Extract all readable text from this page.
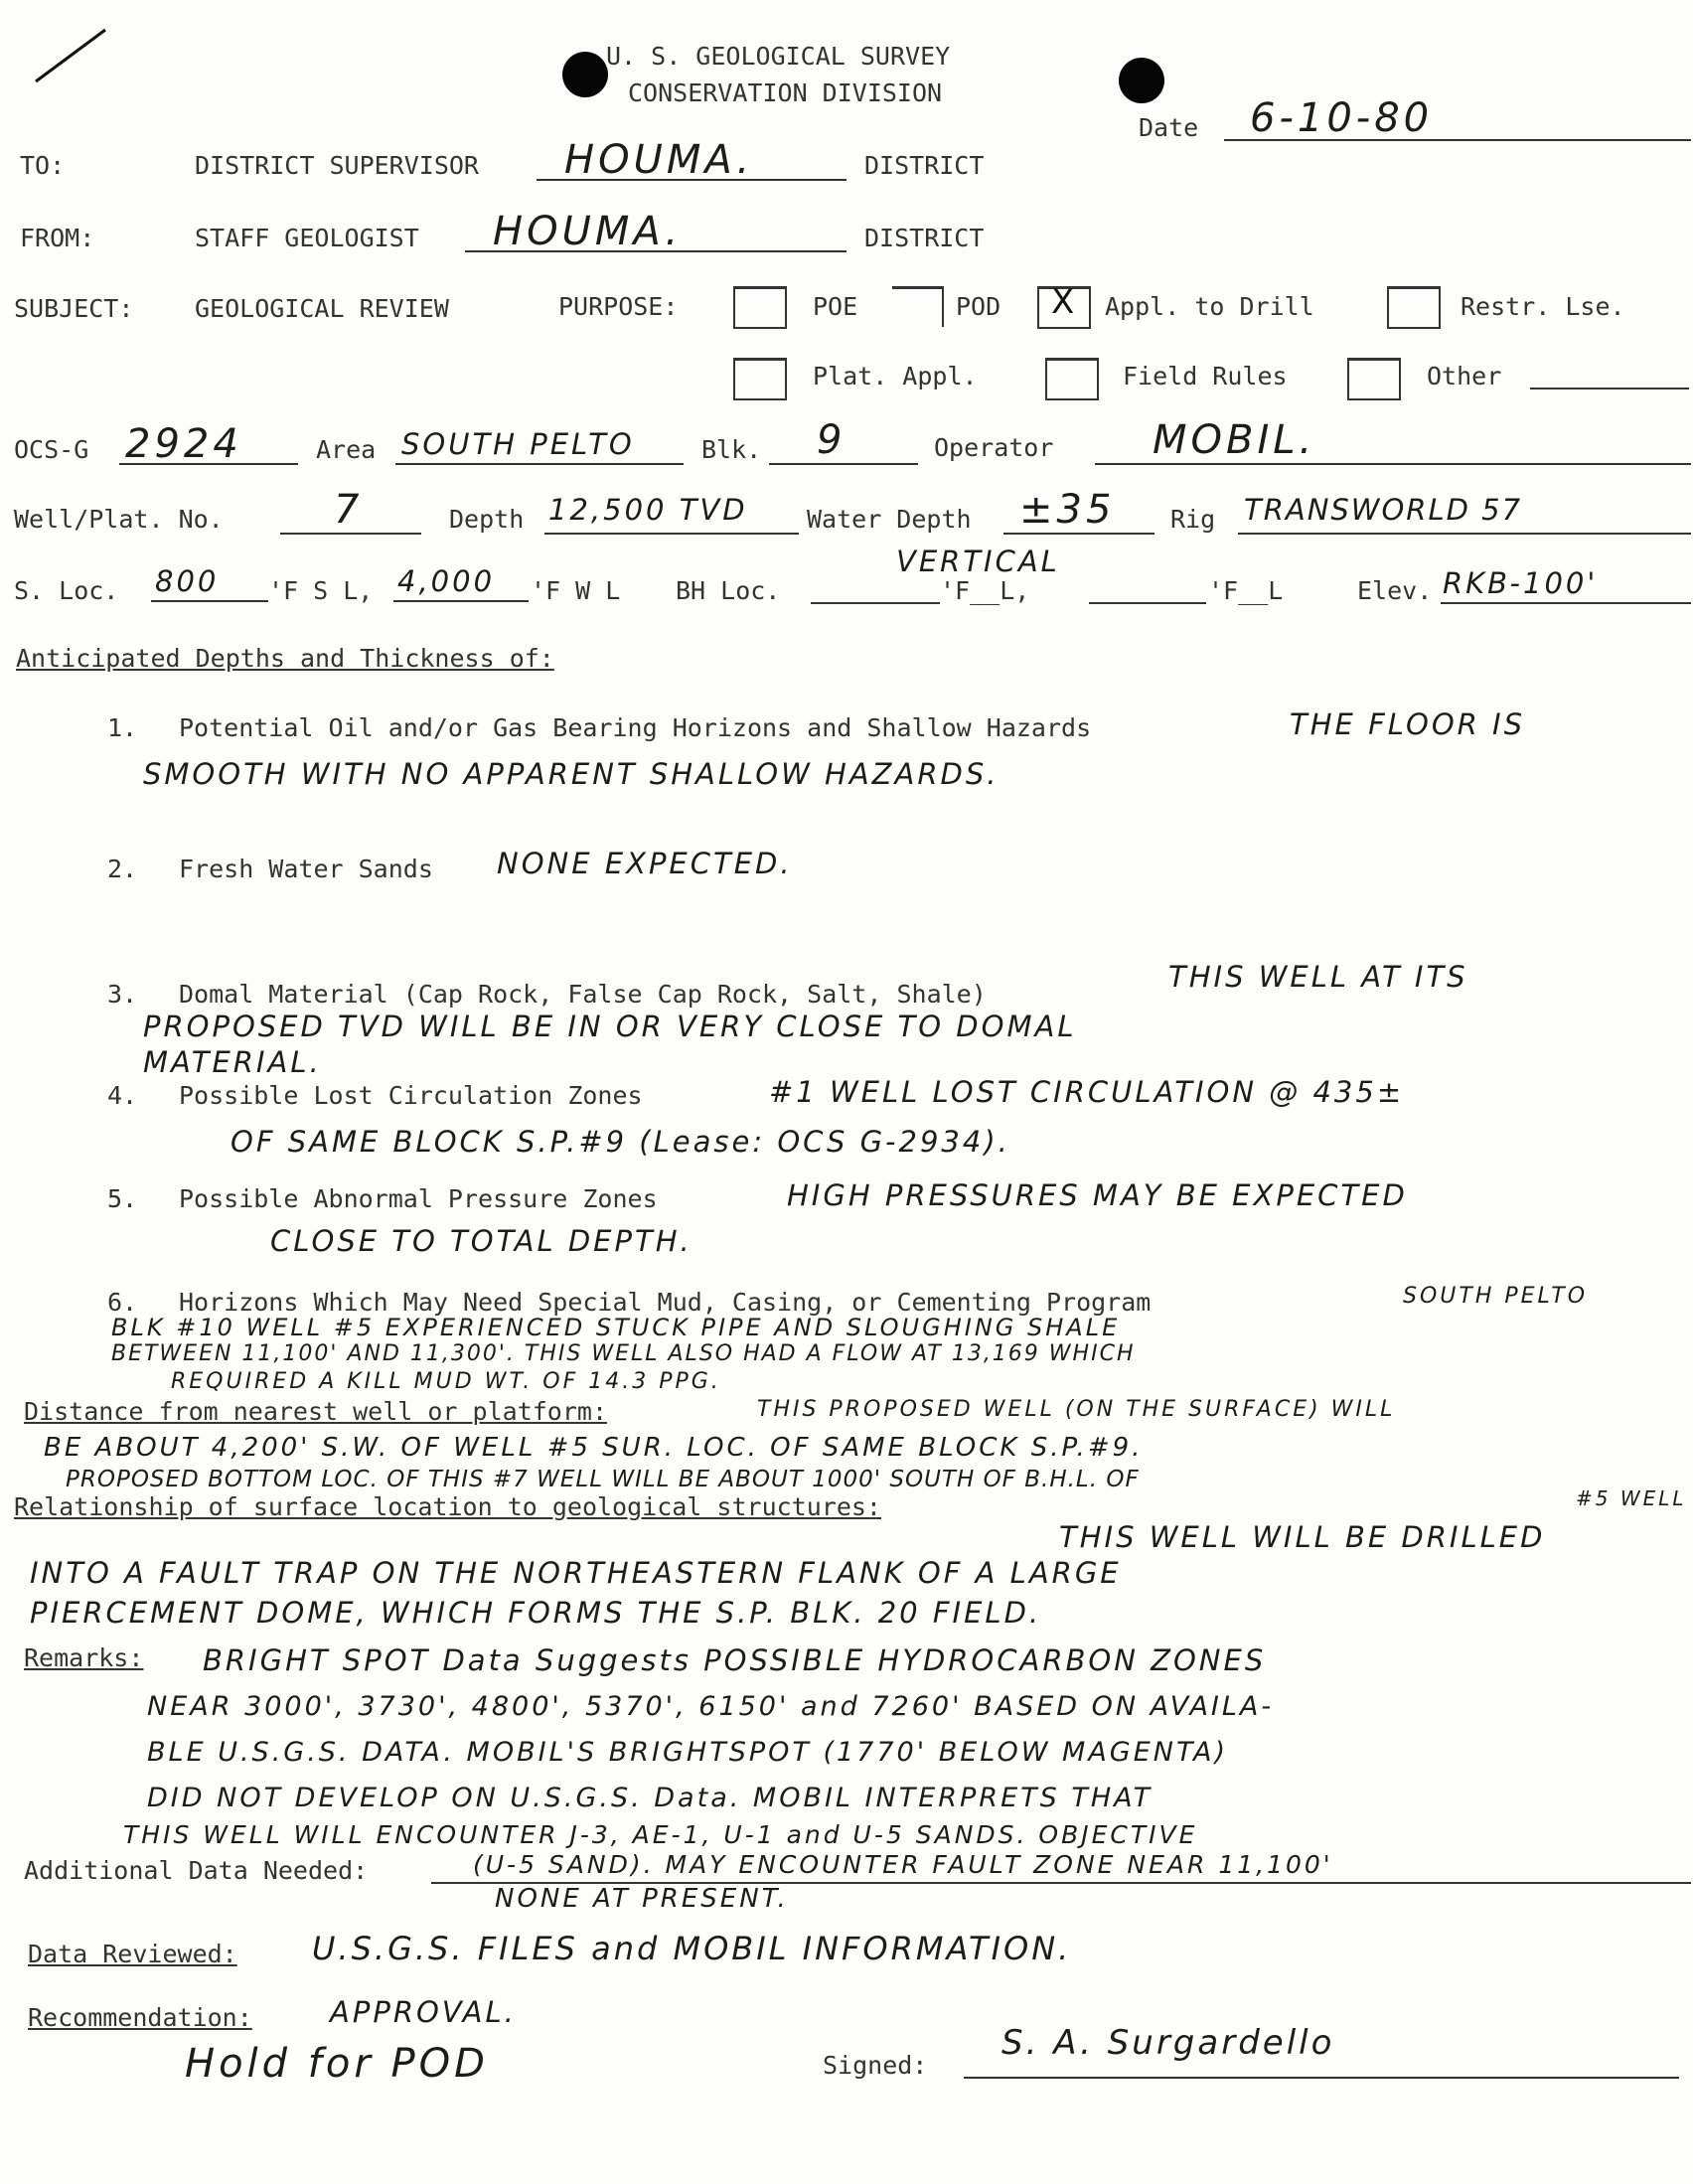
U. S. GEOLOGICAL SURVEY
CONSERVATION DIVISION
Date 6-10-80
TO:	DISTRICT SUPERVISOR HOUMA.	DISTRICT
FROM:	STAFF GEOLOGIST HOUMA.	DISTRICT
SUBJECT: GEOLOGICAL REVIEW	PURPOSE:	POE	POD X Appl. to Drill	Restr. Lse.
Plat. Appl.	Field Rules	Other
OCS-G 2924	Area SOUTH PELTO	Blk. 9	Operator MOBIL.
Well/Plat. No.	7	Depth 12,500 TVD Water Depth ±35 Rig TRANSWORLD 57
S. Loc. 800 'F S L, 4,000 'F W L BH Loc.
VERTICAL
'F__L,	'F__L	Elev. RKB-100'
Anticipated Depths and Thickness of:
1. Potential Oil and/or Gas Bearing Horizons and Shallow Hazards	THE FLOOR IS
SMOOTH WITH NO APPARENT SHALLOW HAZARDS.
2. Fresh Water Sands NONE EXPECTED.
3. Domal Material (Cap Rock, False Cap Rock, Salt, Shale)
THIS WELL AT ITS
PROPOSED TVD WILL BE IN OR VERY CLOSE TO DOMAL
MATERIAL.
4. Possible Lost Circulation Zones	#1 WELL LOST CIRCULATION @ 435±
OF SAME BLOCK S.P.#9 (Lease: OCS G-2934).
5. Possible Abnormal Pressure Zones	HIGH PRESSURES MAY BE EXPECTED
CLOSE TO TOTAL DEPTH.
6. Horizons Which May Need Special Mud, Casing, or Cementing Program	SOUTH PELTO
BLK #10 WELL #5 EXPERIENCED STUCK PIPE AND SLOUGHING SHALE
BETWEEN 11,100' AND 11,300'. THIS WELL ALSO HAD A FLOW AT 13,169 WHICH
REQUIRED A KILL MUD WT. OF 14.3 PPG.
Distance from nearest well or platform:	THIS PROPOSED WELL (ON THE SURFACE) WILL
BE ABOUT 4,200' S.W. OF WELL #5 SUR. LOC. OF SAME BLOCK S.P.#9.
PROPOSED BOTTOM LOC. OF THIS #7 WELL WILL BE ABOUT 1000' SOUTH OF B.H.L. OF
#5 WELL
Relationship of surface location to geological structures:
THIS WELL WILL BE DRILLED
INTO A FAULT TRAP ON THE NORTHEASTERN FLANK OF A LARGE
PIERCEMENT DOME, WHICH FORMS THE S.P. BLK. 20 FIELD.
Remarks: BRIGHT SPOT Data Suggests POSSIBLE HYDROCARBON ZONES
NEAR 3000', 3730', 4800', 5370', 6150' and 7260' BASED ON AVAILA-
BLE U.S.G.S. DATA. MOBIL'S BRIGHTSPOT (1770' BELOW MAGENTA)
DID NOT DEVELOP ON U.S.G.S. Data. MOBIL INTERPRETS THAT
THIS WELL WILL ENCOUNTER J-3, AE-1, U-1 and U-5 SANDS. OBJECTIVE
(U-5 SAND). MAY ENCOUNTER FAULT ZONE NEAR 11,100'
Additional Data Needed:
NONE AT PRESENT.
Data Reviewed: U.S.G.S. FILES and MOBIL INFORMATION.
Recommendation:	APPROVAL.
Hold for POD	Signed:
S. A. Surgardello
